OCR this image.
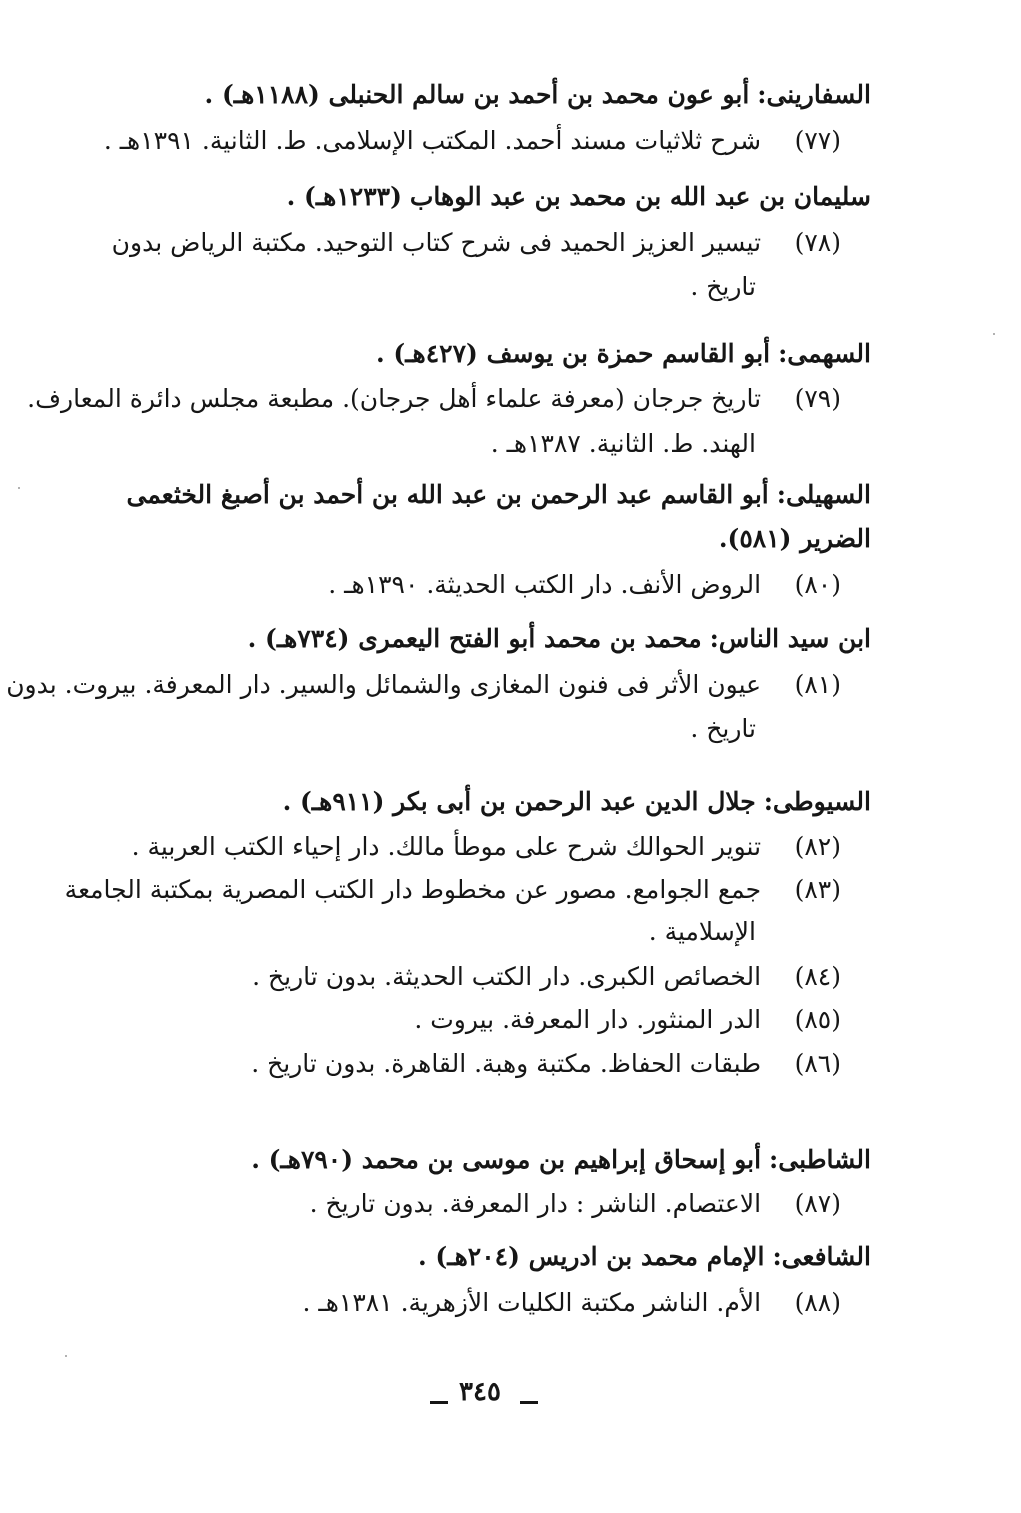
السفارينى: أبو عون محمد بن أحمد بن سالم الحنبلى (١١٨٨هـ) .
(٧٧) شرح ثلاثيات مسند أحمد. المكتب الإسلامى. ط. الثانية. ١٣٩١هـ .
سليمان بن عبد الله بن محمد بن عبد الوهاب (١٢٣٣هـ) .
(٧٨) تيسير العزيز الحميد فى شرح كتاب التوحيد. مكتبة الرياض بدون
تاريخ .
السهمى: أبو القاسم حمزة بن يوسف (٤٢٧هـ) .
(٧٩) تاريخ جرجان (معرفة علماء أهل جرجان). مطبعة مجلس دائرة المعارف.
الهند. ط. الثانية. ١٣٨٧هـ .
السهيلى: أبو القاسم عبد الرحمن بن عبد الله بن أحمد بن أصبغ الخثعمى
الضرير (٥٨١).
(٨٠) الروض الأنف. دار الكتب الحديثة. ١٣٩٠هـ .
ابن سيد الناس: محمد بن محمد أبو الفتح اليعمرى (٧٣٤هـ) .
(٨١) عيون الأثر فى فنون المغازى والشمائل والسير. دار المعرفة. بيروت. بدون
تاريخ .
السيوطى: جلال الدين عبد الرحمن بن أبى بكر (٩١١هـ) .
(٨٢) تنوير الحوالك شرح على موطأ مالك. دار إحياء الكتب العربية .
(٨٣) جمع الجوامع. مصور عن مخطوط دار الكتب المصرية بمكتبة الجامعة
الإسلامية .
(٨٤) الخصائص الكبرى. دار الكتب الحديثة. بدون تاريخ .
(٨٥) الدر المنثور. دار المعرفة. بيروت .
(٨٦) طبقات الحفاظ. مكتبة وهبة. القاهرة. بدون تاريخ .
الشاطبى: أبو إسحاق إبراهيم بن موسى بن محمد (٧٩٠هـ) .
(٨٧) الاعتصام. الناشر : دار المعرفة. بدون تاريخ .
الشافعى: الإمام محمد بن ادريس (٢٠٤هـ) .
(٨٨) الأم. الناشر مكتبة الكليات الأزهرية. ١٣٨١هـ .
٣٤٥
